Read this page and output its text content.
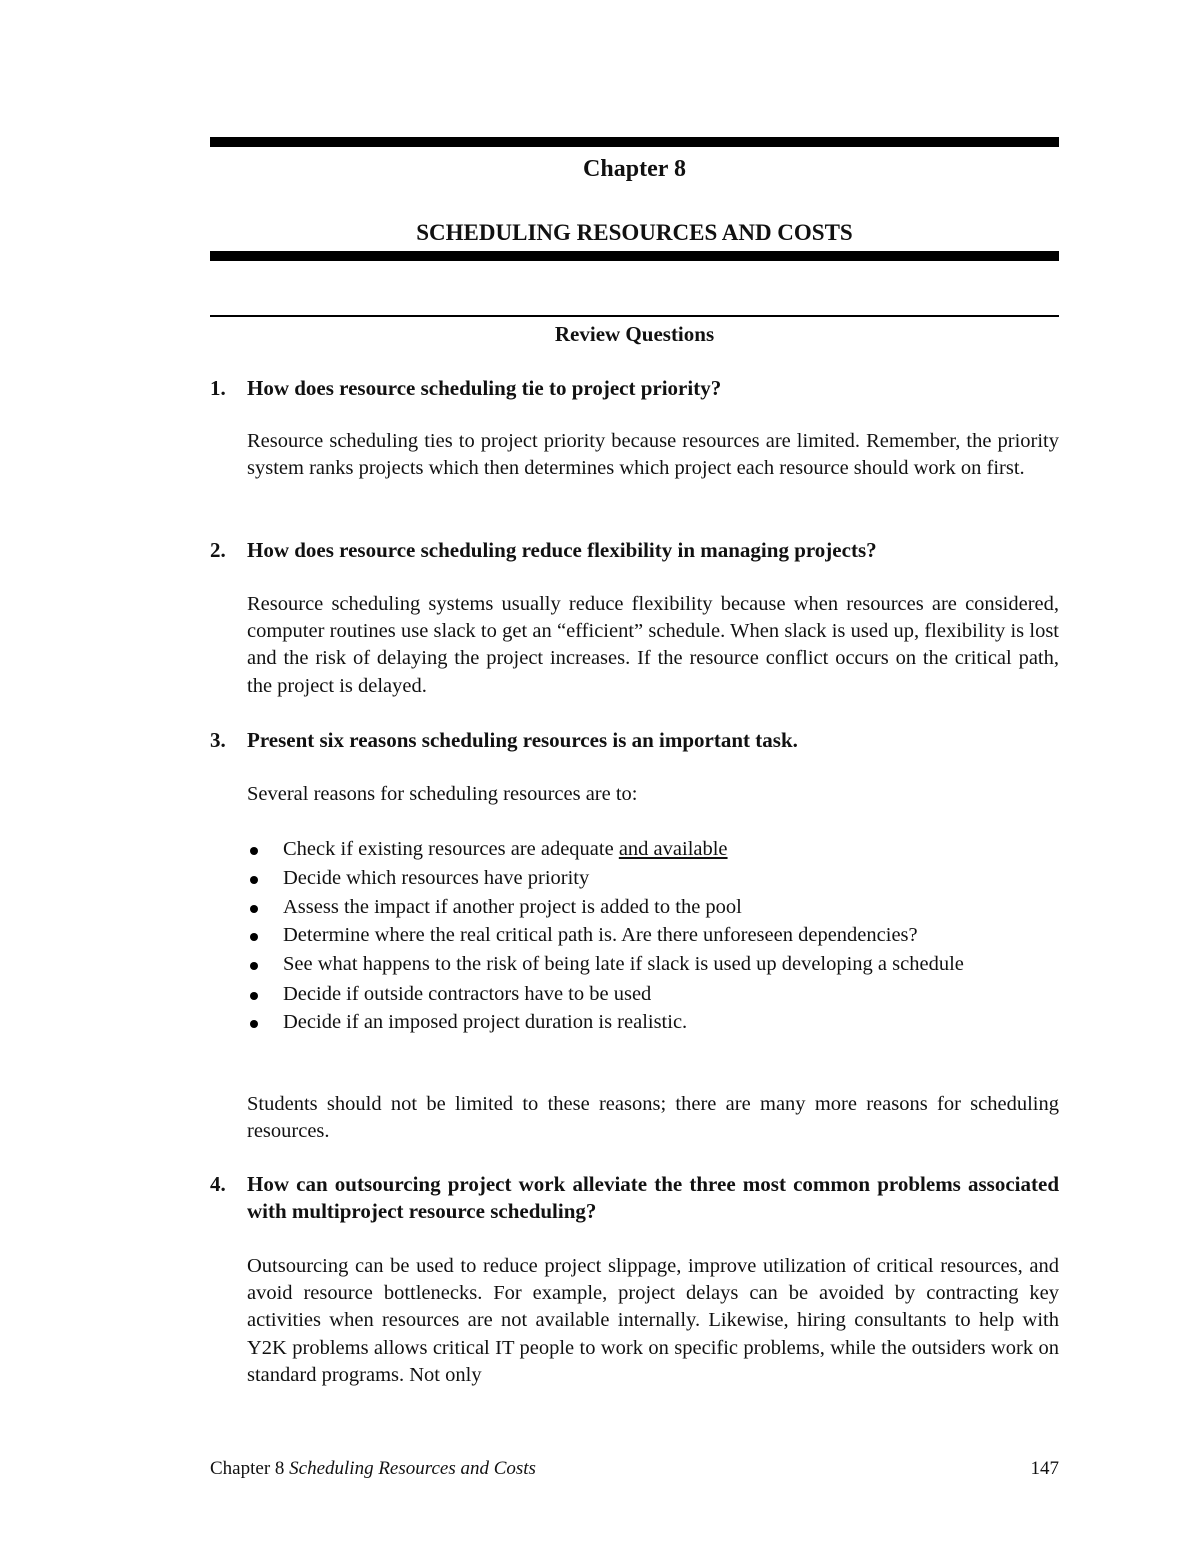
Chapter 8
SCHEDULING RESOURCES AND COSTS
Review Questions
1.	How does resource scheduling tie to project priority?
Resource scheduling ties to project priority because resources are limited. Remember, the priority system ranks projects which then determines which project each resource should work on first.
2.	How does resource scheduling reduce flexibility in managing projects?
Resource scheduling systems usually reduce flexibility because when resources are considered, computer routines use slack to get an “efficient” schedule. When slack is used up, flexibility is lost and the risk of delaying the project increases. If the resource conflict occurs on the critical path, the project is delayed.
3.	Present six reasons scheduling resources is an important task.
Several reasons for scheduling resources are to:
Check if existing resources are adequate and available
Decide which resources have priority
Assess the impact if another project is added to the pool
Determine where the real critical path is. Are there unforeseen dependencies?
See what happens to the risk of being late if slack is used up developing a schedule
Decide if outside contractors have to be used
Decide if an imposed project duration is realistic.
Students should not be limited to these reasons; there are many more reasons for scheduling resources.
4.	How can outsourcing project work alleviate the three most common problems associated with multiproject resource scheduling?
Outsourcing can be used to reduce project slippage, improve utilization of critical resources, and avoid resource bottlenecks. For example, project delays can be avoided by contracting key activities when resources are not available internally. Likewise, hiring consultants to help with Y2K problems allows critical IT people to work on specific problems, while the outsiders work on standard programs. Not only
Chapter 8 Scheduling Resources and Costs	147
